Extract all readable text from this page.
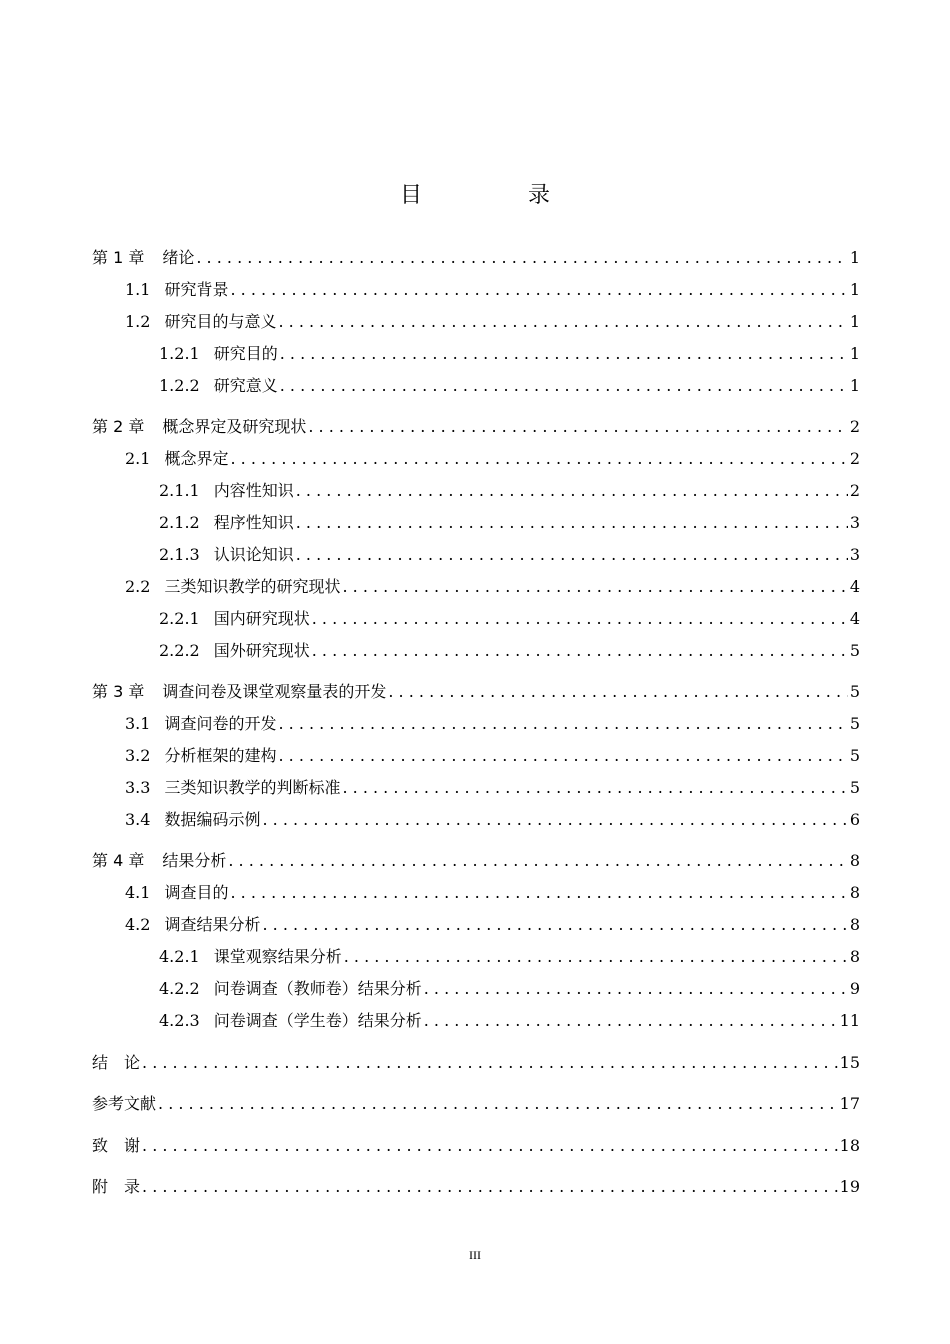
目　录
第 1 章 绪论 . . .	1
1.1 研究背景 . . .	1
1.2 研究目的与意义 . . .	1
1.2.1 研究目的 . . .	1
1.2.2 研究意义 . . .	1
第 2 章 概念界定及研究现状 . . .	2
2.1 概念界定 . . .	2
2.1.1 内容性知识 . . .	2
2.1.2 程序性知识 . . .	3
2.1.3 认识论知识 . . .	3
2.2 三类知识教学的研究现状 . . .	4
2.2.1 国内研究现状 . . .	4
2.2.2 国外研究现状 . . .	5
第 3 章 调查问卷及课堂观察量表的开发 . . .	5
3.1 调查问卷的开发 . . .	5
3.2 分析框架的建构 . . .	5
3.3 三类知识教学的判断标准 . . .	5
3.4 数据编码示例 . . .	6
第 4 章 结果分析 . . .	8
4.1 调查目的 . . .	8
4.2 调查结果分析 . . .	8
4.2.1 课堂观察结果分析 . . .	8
4.2.2 问卷调查（教师卷）结果分析 . . .	9
4.2.3 问卷调查（学生卷）结果分析 . . .	11
结　论 . . .	15
参考文献 . . .	17
致　谢 . . .	18
附　录 . . .	19
III
